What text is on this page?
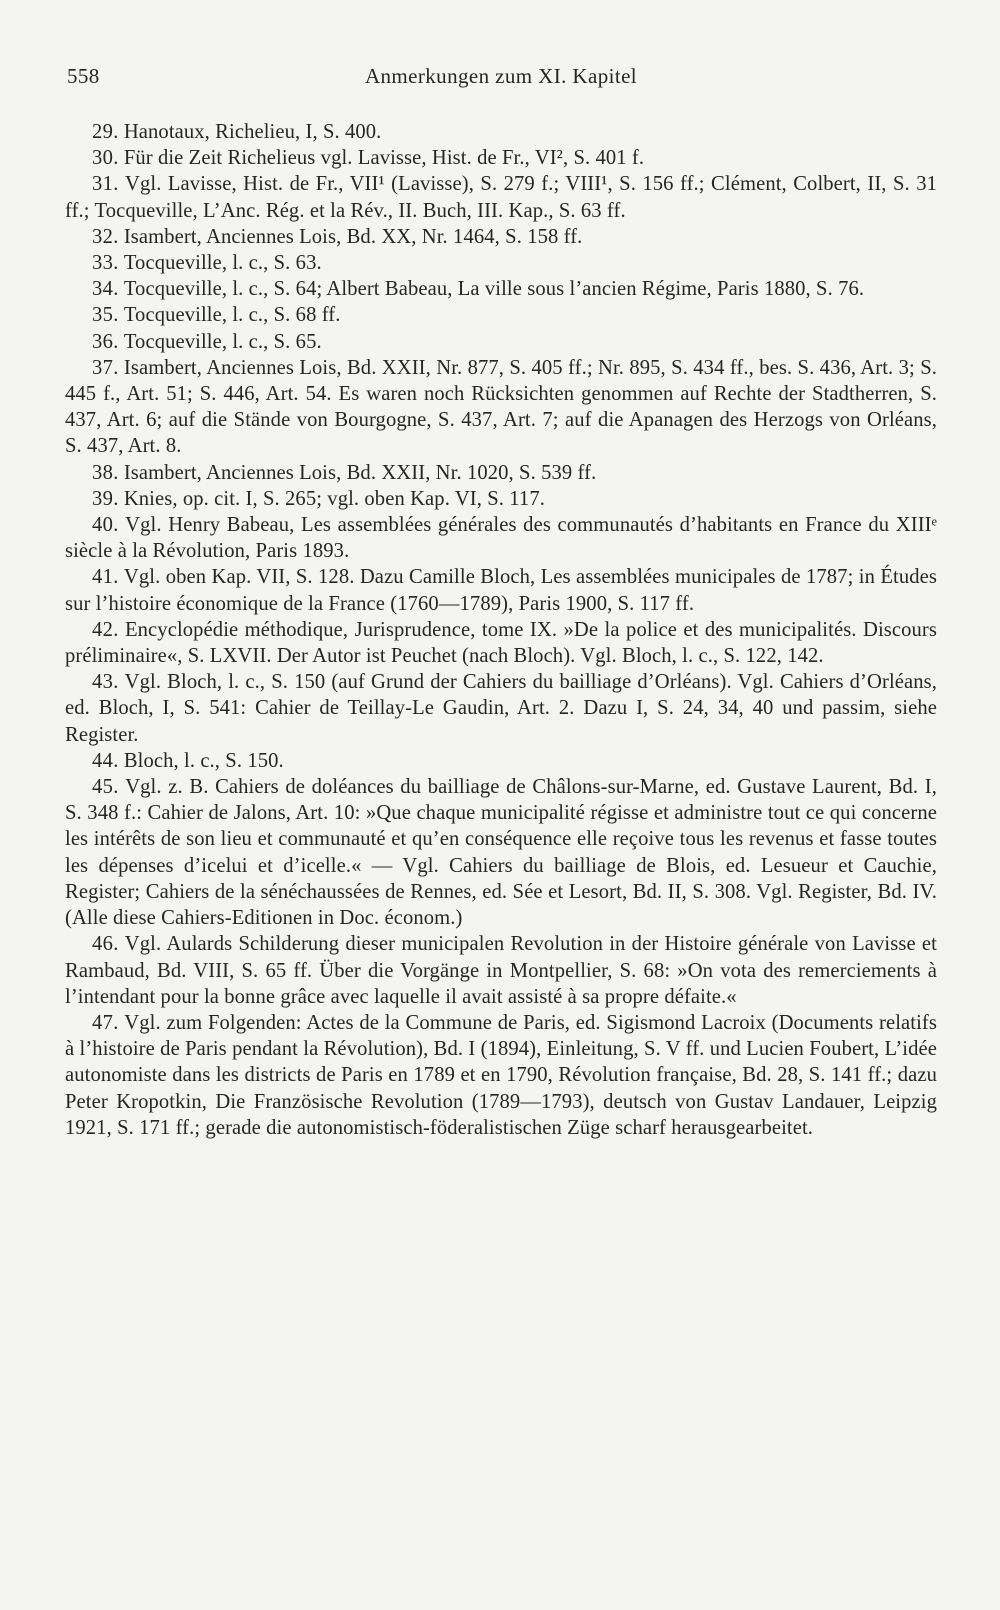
558	Anmerkungen zum XI. Kapitel

29. Hanotaux, Richelieu, I, S. 400.

30. Für die Zeit Richelieus vgl. Lavisse, Hist. de Fr., VI², S. 401 f.

31. Vgl. Lavisse, Hist. de Fr., VII¹ (Lavisse), S. 279 f.; VIII¹, S. 156 ff.; Clément, Colbert, II, S. 31 ff.; Tocqueville, L’Anc. Rég. et la Rév., II. Buch, III. Kap., S. 63 ff.

32. Isambert, Anciennes Lois, Bd. XX, Nr. 1464, S. 158 ff.

33. Tocqueville, l. c., S. 63.

34. Tocqueville, l. c., S. 64; Albert Babeau, La ville sous l’ancien Régime, Paris 1880, S. 76.

35. Tocqueville, l. c., S. 68 ff.

36. Tocqueville, l. c., S. 65.

37. Isambert, Anciennes Lois, Bd. XXII, Nr. 877, S. 405 ff.; Nr. 895, S. 434 ff., bes. S. 436, Art. 3; S. 445 f., Art. 51; S. 446, Art. 54. Es waren noch Rücksichten genommen auf Rechte der Stadtherren, S. 437, Art. 6; auf die Stände von Bourgogne, S. 437, Art. 7; auf die Apanagen des Herzogs von Orléans, S. 437, Art. 8.

38. Isambert, Anciennes Lois, Bd. XXII, Nr. 1020, S. 539 ff.

39. Knies, op. cit. I, S. 265; vgl. oben Kap. VI, S. 117.

40. Vgl. Henry Babeau, Les assemblées générales des communautés d’habitants en France du XIIIᵉ siècle à la Révolution, Paris 1893.

41. Vgl. oben Kap. VII, S. 128. Dazu Camille Bloch, Les assemblées municipales de 1787; in Études sur l’histoire économique de la France (1760—1789), Paris 1900, S. 117 ff.

42. Encyclopédie méthodique, Jurisprudence, tome IX. »De la police et des municipalités. Discours préliminaire«, S. LXVII. Der Autor ist Peuchet (nach Bloch). Vgl. Bloch, l. c., S. 122, 142.

43. Vgl. Bloch, l. c., S. 150 (auf Grund der Cahiers du bailliage d’Orléans). Vgl. Cahiers d’Orléans, ed. Bloch, I, S. 541: Cahier de Teillay-Le Gaudin, Art. 2. Dazu I, S. 24, 34, 40 und passim, siehe Register.

44. Bloch, l. c., S. 150.

45. Vgl. z. B. Cahiers de doléances du bailliage de Châlons-sur-Marne, ed. Gustave Laurent, Bd. I, S. 348 f.: Cahier de Jalons, Art. 10: »Que chaque municipalité régisse et administre tout ce qui concerne les intérêts de son lieu et communauté et qu’en conséquence elle reçoive tous les revenus et fasse toutes les dépenses d’icelui et d’icelle.« — Vgl. Cahiers du bailliage de Blois, ed. Lesueur et Cauchie, Register; Cahiers de la sénéchaussées de Rennes, ed. Sée et Lesort, Bd. II, S. 308. Vgl. Register, Bd. IV. (Alle diese Cahiers-Editionen in Doc. économ.)

46. Vgl. Aulards Schilderung dieser municipalen Revolution in der Histoire générale von Lavisse et Rambaud, Bd. VIII, S. 65 ff. Über die Vorgänge in Montpellier, S. 68: »On vota des remerciements à l’intendant pour la bonne grâce avec laquelle il avait assisté à sa propre défaite.«

47. Vgl. zum Folgenden: Actes de la Commune de Paris, ed. Sigismond Lacroix (Documents relatifs à l’histoire de Paris pendant la Révolution), Bd. I (1894), Einleitung, S. V ff. und Lucien Foubert, L’idée autonomiste dans les districts de Paris en 1789 et en 1790, Révolution française, Bd. 28, S. 141 ff.; dazu Peter Kropotkin, Die Französische Revolution (1789—1793), deutsch von Gustav Landauer, Leipzig 1921, S. 171 ff.; gerade die autonomistisch-föderalistischen Züge scharf herausgearbeitet.
